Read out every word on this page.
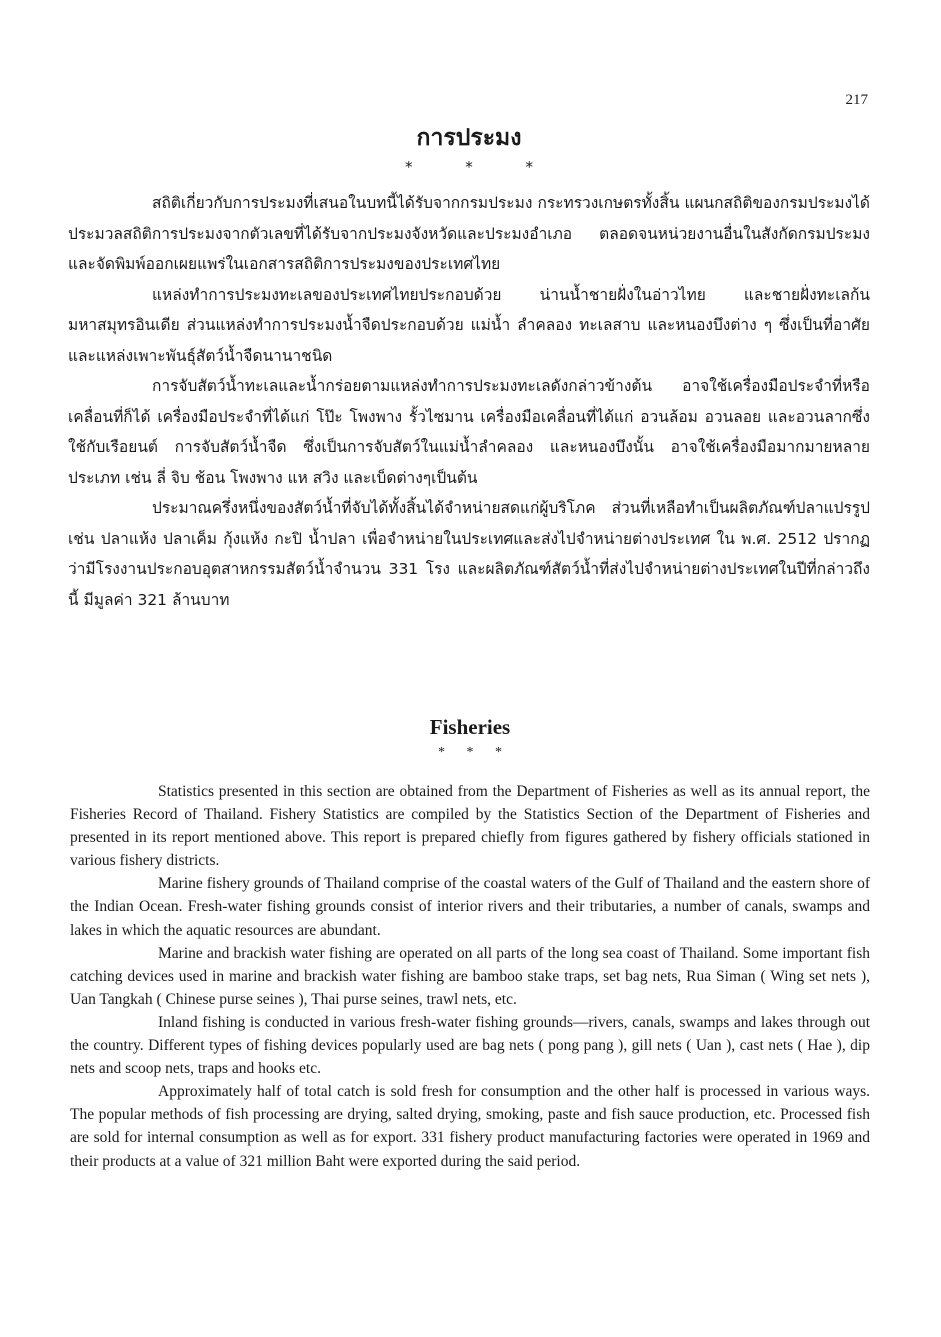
217
การประมง
* * *

สถิติเกี่ยวกับการประมงที่เสนอในบทนี้ได้รับจากกรมประมง กระทรวงเกษตรทั้งสิ้น แผนกสถิติของกรมประมงได้ประมวลสถิติการประมงจากตัวเลขที่ได้รับจากประมงจังหวัดและประมงอำเภอ ตลอดจนหน่วยงานอื่นในสังกัดกรมประมง และจัดพิมพ์ออกเผยแพร่ในเอกสารสถิติการประมงของประเทศไทย

แหล่งทำการประมงทะเลของประเทศไทยประกอบด้วย น่านน้ำชายฝั่งในอ่าวไทย และชายฝั่งทะเลก้นมหาสมุทรอินเดีย ส่วนแหล่งทำการประมงน้ำจืดประกอบด้วย แม่น้ำ ลำคลอง ทะเลสาบ และหนองบึงต่าง ๆ ซึ่งเป็นที่อาศัยและแหล่งเพาะพันธุ์สัตว์น้ำจืดนานาชนิด

การจับสัตว์น้ำทะเลและน้ำกร่อยตามแหล่งทำการประมงทะเลดังกล่าวข้างต้น อาจใช้เครื่องมือประจำที่หรือเคลื่อนที่ก็ได้ เครื่องมือประจำที่ได้แก่ โป๊ะ โพงพาง รั้วไซมาน เครื่องมือเคลื่อนที่ได้แก่ อวนล้อม อวนลอย และอวนลากซึ่งใช้กับเรือยนต์ การจับสัตว์น้ำจืด ซึ่งเป็นการจับสัตว์ในแม่น้ำลำคลอง และหนองบึงนั้น อาจใช้เครื่องมือมากมายหลายประเภท เช่น ลี่ จิบ ช้อน โพงพาง แห สวิง และเบ็ดต่างๆเป็นต้น

ประมาณครึ่งหนึ่งของสัตว์น้ำที่จับได้ทั้งสิ้นได้จำหน่ายสดแก่ผู้บริโภค ส่วนที่เหลือทำเป็นผลิตภัณฑ์ปลาแปรรูป เช่น ปลาแห้ง ปลาเค็ม กุ้งแห้ง กะปิ น้ำปลา เพื่อจำหน่ายในประเทศและส่งไปจำหน่ายต่างประเทศ ใน พ.ศ. 2512 ปรากฏว่ามีโรงงานประกอบอุตสาหกรรมสัตว์น้ำจำนวน 331 โรง และผลิตภัณฑ์สัตว์น้ำที่ส่งไปจำหน่ายต่างประเทศในปีที่กล่าวถึงนี้ มีมูลค่า 321 ล้านบาท

Fisheries
* * *

Statistics presented in this section are obtained from the Department of Fisheries as well as its annual report, the Fisheries Record of Thailand. Fishery Statistics are compiled by the Statistics Section of the Department of Fisheries and presented in its report mentioned above. This report is prepared chiefly from figures gathered by fishery officials stationed in various fishery districts.

Marine fishery grounds of Thailand comprise of the coastal waters of the Gulf of Thailand and the eastern shore of the Indian Ocean. Fresh-water fishing grounds consist of interior rivers and their tributaries, a number of canals, swamps and lakes in which the aquatic resources are abundant.

Marine and brackish water fishing are operated on all parts of the long sea coast of Thailand. Some important fish catching devices used in marine and brackish water fishing are bamboo stake traps, set bag nets, Rua Siman ( Wing set nets ), Uan Tangkah ( Chinese purse seines ), Thai purse seines, trawl nets, etc.

Inland fishing is conducted in various fresh-water fishing grounds—rivers, canals, swamps and lakes through out the country. Different types of fishing devices popularly used are bag nets ( pong pang ), gill nets ( Uan ), cast nets ( Hae ), dip nets and scoop nets, traps and hooks etc.

Approximately half of total catch is sold fresh for consumption and the other half is processed in various ways. The popular methods of fish processing are drying, salted drying, smoking, paste and fish sauce production, etc. Processed fish are sold for internal consumption as well as for export. 331 fishery product manufacturing factories were operated in 1969 and their products at a value of 321 million Baht were exported during the said period.
